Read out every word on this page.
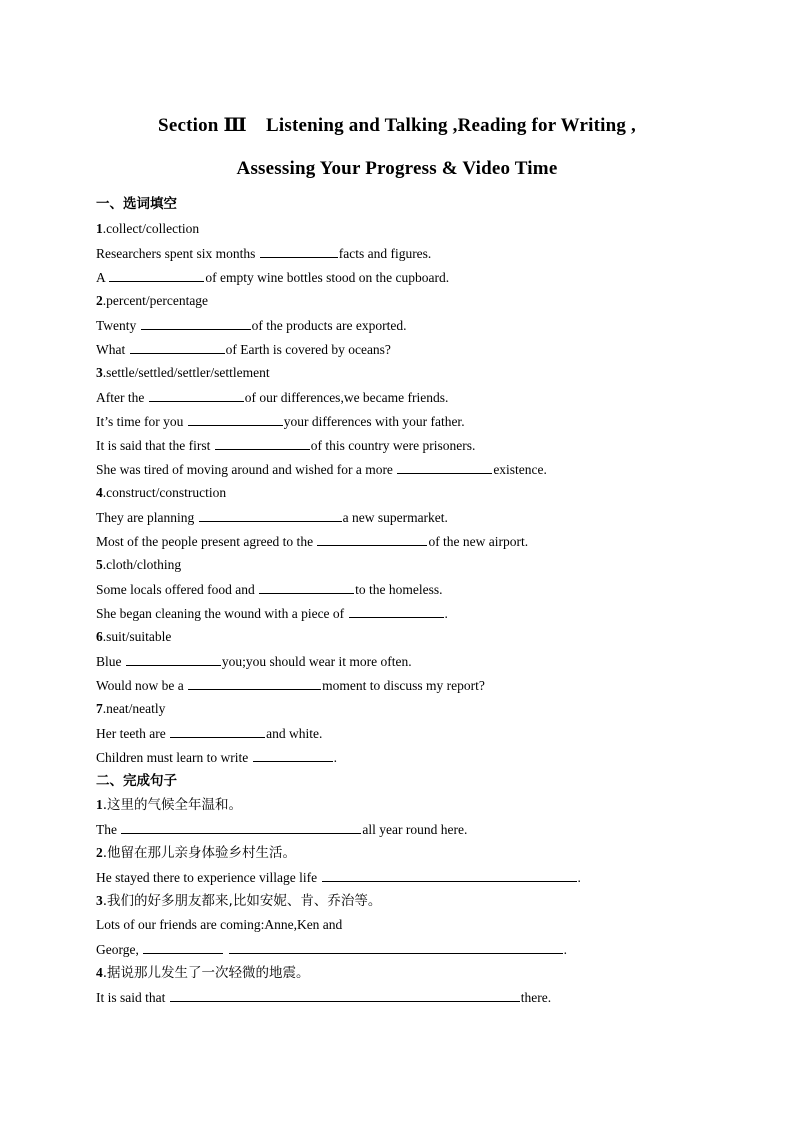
Section Ⅲ　Listening and Talking ,Reading for Writing ,
Assessing Your Progress & Video Time
一、选词填空
1.collect/collection
Researchers spent six months	facts and figures.
A	of empty wine bottles stood on the cupboard.
2.percent/percentage
Twenty	of the products are exported.
What	of Earth is covered by oceans?
3.settle/settled/settler/settlement
After the	of our differences,we became friends.
It’s time for you	your differences with your father.
It is said that the first	of this country were prisoners.
She was tired of moving around and wished for a more	existence.
4.construct/construction
They are planning	a new supermarket.
Most of the people present agreed to the	of the new airport.
5.cloth/clothing
Some locals offered food and	to the homeless.
She began cleaning the wound with a piece of	.
6.suit/suitable
Blue	you;you should wear it more often.
Would now be a	moment to discuss my report?
7.neat/neatly
Her teeth are	and white.
Children must learn to write	.
二、完成句子
1.这里的气候全年温和。
The	all year round here.
2.他留在那儿亲身体验乡村生活。
He stayed there to experience village life	.
3.我们的好多朋友都来,比如安妮、肯、乔治等。
Lots of our friends are coming:Anne,Ken and
George,	.
4.据说那儿发生了一次轻微的地震。
It is said that	there.
